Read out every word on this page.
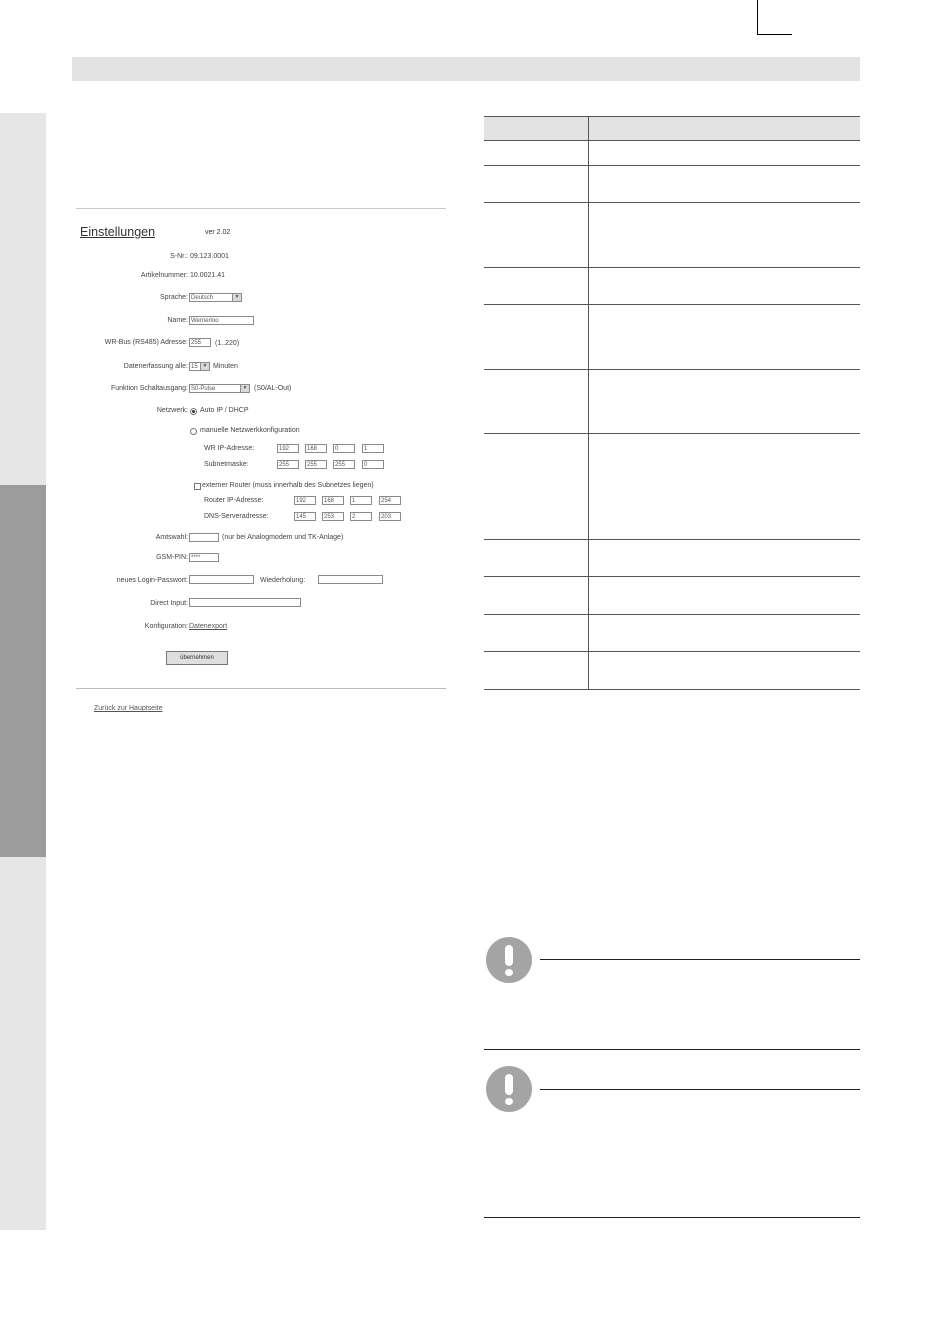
Einstellungen	ver 2.02
S-Nr.: 09.123.0001
Artikelnummer: 10.0021.41
Sprache: Deutsch	▼
Name: Wernerloo
WR-Bus (RS485) Adresse: 255	(1..220)
Datenerfassung alle: 15 ▼ Minuten
Funktion Schaltausgang: S0-Pulse	▼ (S0/AL-Out)
Netzwerk: Auto IP / DHCP
manuelle Netzwerkkonfiguration
WR IP-Adresse:	192	168	0	1
Subnetmaske:	255	255	255	0
externer Router (muss innerhalb des Subnetzes liegen)
Router IP-Adresse:	192	168	1	254
DNS-Serveradresse:	145	253	2	203
Amtswahl:	(nur bei Analogmodem und TK-Anlage)
GSM-PIN: ****
neues Login-Passwort:	Wiederholung:
Direct Input:
Konfiguration: Datenexport
übernehmen
Zurück zur Hauptseite
